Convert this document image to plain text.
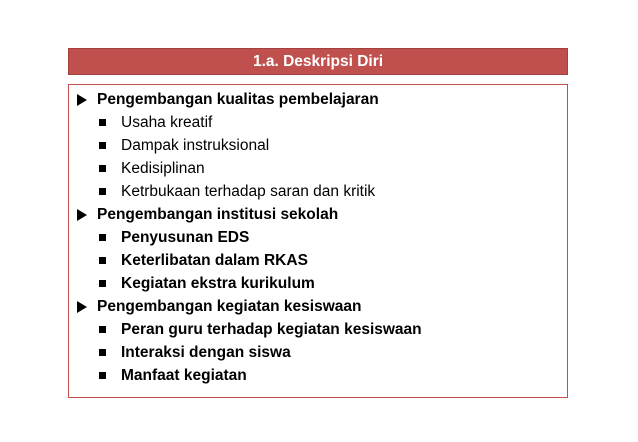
1.a. Deskripsi Diri
Pengembangan kualitas pembelajaran
Usaha kreatif
Dampak instruksional
Kedisiplinan
Ketrbukaan terhadap saran dan kritik
Pengembangan institusi sekolah
Penyusunan EDS
Keterlibatan dalam RKAS
Kegiatan ekstra kurikulum
Pengembangan kegiatan kesiswaan
Peran guru terhadap kegiatan kesiswaan
Interaksi dengan siswa
Manfaat kegiatan
